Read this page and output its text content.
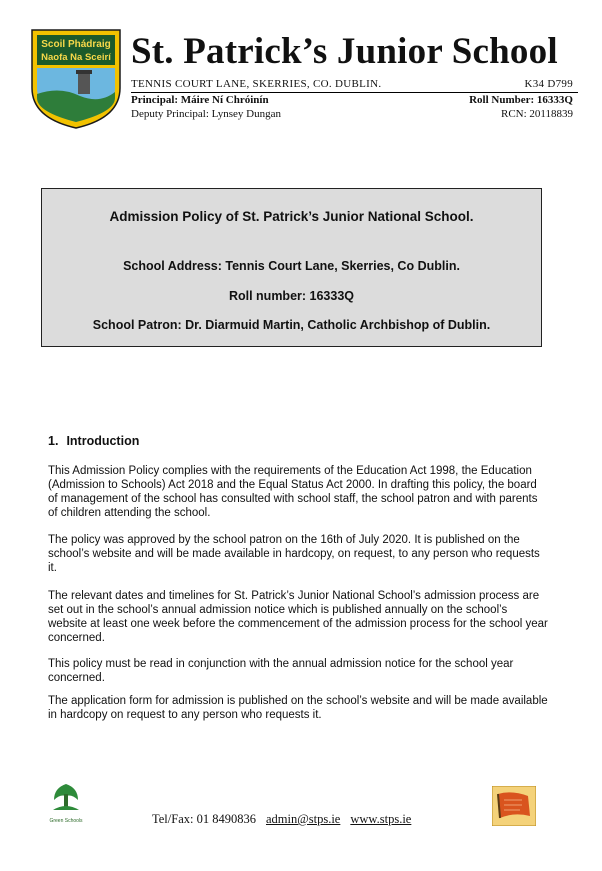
Scoil Phádraig
Naofa Na Sceirí St. Patrick’s Junior School
TENNIS COURT LANE, SKERRIES, CO. DUBLIN.	K34 D799
Principal: Máire Ní Chróinín	Roll Number: 16333Q
Deputy Principal: Lynsey Dungan	RCN: 20118839
Admission Policy of St. Patrick’s Junior National School.
School Address: Tennis Court Lane, Skerries, Co Dublin.
Roll number: 16333Q
School Patron: Dr. Diarmuid Martin, Catholic Archbishop of Dublin.
1. Introduction
This Admission Policy complies with the requirements of the Education Act 1998, the Education (Admission to Schools) Act 2018 and the Equal Status Act 2000. In drafting this policy, the board of management of the school has consulted with school staff, the school patron and with parents of children attending the school.
The policy was approved by the school patron on the 16th of July 2020. It is published on the school’s website and will be made available in hardcopy, on request, to any person who requests it.
The relevant dates and timelines for St. Patrick’s Junior National School’s admission process are set out in the school’s annual admission notice which is published annually on the school’s website at least one week before the commencement of the admission process for the school year concerned.
This policy must be read in conjunction with the annual admission notice for the school year concerned.
The application form for admission is published on the school’s website and will be made available in hardcopy on request to any person who requests it.
Green Schools	Tel/Fax: 01 8490836 admin@stps.ie www.stps.ie
